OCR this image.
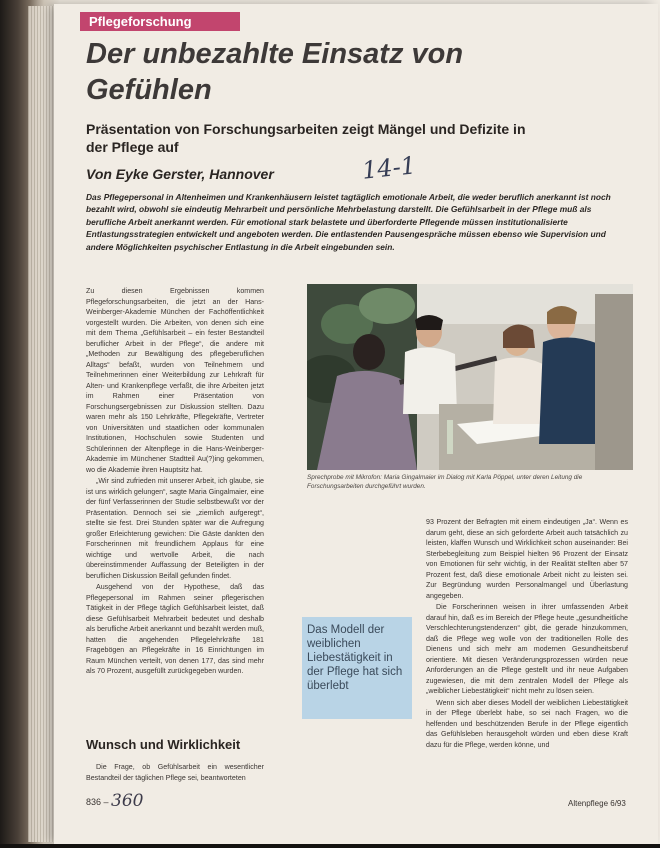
Pflegeforschung
Der unbezahlte Einsatz von Gefühlen
Präsentation von Forschungsarbeiten zeigt Mängel und Defizite in der Pflege auf
Von Eyke Gerster, Hannover	14-1

Das Pflegepersonal in Altenheimen und Krankenhäusern leistet tagtäglich emotionale Arbeit, die weder beruflich anerkannt ist noch bezahlt wird, obwohl sie eindeutig Mehrarbeit und persönliche Mehrbelastung darstellt. Die Gefühlsarbeit in der Pflege muß als berufliche Arbeit anerkannt werden. Für emotional stark belastete und überforderte Pflegende müssen institutionalisierte Entlastungsstrategien entwickelt und angeboten werden. Die entlastenden Pausengespräche müssen ebenso wie Supervision und andere Möglichkeiten psychischer Entlastung in die Arbeit eingebunden sein.

Zu diesen Ergebnissen kommen Pflegeforschungsarbeiten, die jetzt an der Hans-Weinberger-Akademie München der Fachöffentlichkeit vorgestellt wurden. Die Arbeiten, von denen sich eine mit dem Thema „Gefühlsarbeit – ein fester Bestandteil beruflicher Arbeit in der Pflege“, die andere mit „Methoden zur Bewältigung des pflegeberuflichen Alltags“ befaßt, wurden von Teilnehmern und Teilnehmerinnen einer Weiterbildung zur Lehrkraft für Alten- und Krankenpflege verfaßt, die ihre Arbeiten jetzt im Rahmen einer Präsentation von Forschungsergebnissen zur Diskussion stellten. Dazu waren mehr als 150 Lehrkräfte, Pflegekräfte, Vertreter von Universitäten und staatlichen oder kommunalen Institutionen, Hochschulen sowie Studenten und Schülerinnen der Altenpflege in die Hans-Weinberger-Akademie im Münchener Stadtteil Au(?)ing gekommen, wo die Akademie ihren Hauptsitz hat.

„Wir sind zufrieden mit unserer Arbeit, ich glaube, sie ist uns wirklich gelungen“, sagte Maria Gingalmaier, eine der fünf Verfasserinnen der Studie selbstbewußt vor der Präsentation. Dennoch sei sie „ziemlich aufgeregt“, stellte sie fest. Drei Stunden später war die Aufregung großer Erleichterung gewichen: Die Gäste dankten den Forscherinnen mit freundlichem Applaus für eine wichtige und wertvolle Arbeit, die nach übereinstimmender Auffassung der Beteiligten in der beruflichen Diskussion Beifall gefunden findet.

Ausgehend von der Hypothese, daß das Pflegepersonal im Rahmen seiner pflegerischen Tätigkeit in der Pflege täglich Gefühlsarbeit leistet, daß diese Gefühlsarbeit Mehrarbeit bedeutet und deshalb als berufliche Arbeit anerkannt und bezahlt werden muß, hatten die angehenden Pflegelehrkräfte 181 Fragebögen an Pflegekräfte in 16 Einrichtungen im Raum München verteilt, von denen 177, das sind mehr als 70 Prozent, ausgefüllt zurückgegeben wurden.

Wunsch und Wirklichkeit

Die Frage, ob Gefühlsarbeit ein wesentlicher Bestandteil der täglichen Pflege sei, beantworteten

Sprechprobe mit Mikrofon: Maria Gingalmaier im Dialog mit Karla Pöppel, unter deren Leitung die Forschungsarbeiten durchgeführt wurden.

Das Modell der weiblichen Liebestätigkeit in der Pflege hat sich überlebt

93 Prozent der Befragten mit einem eindeutigen „Ja“. Wenn es darum geht, diese an sich geforderte Arbeit auch tatsächlich zu leisten, klaffen Wunsch und Wirklichkeit schon auseinander: Bei Sterbebegleitung zum Beispiel hielten 96 Prozent der Einsatz von Emotionen für sehr wichtig, in der Realität stellten aber 57 Prozent fest, daß diese emotionale Arbeit nicht zu leisten sei. Zur Begründung wurden Personalmangel und Überlastung angegeben.

Die Forscherinnen weisen in ihrer umfassenden Arbeit darauf hin, daß es im Bereich der Pflege heute „gesundheitliche Verschlechterungstendenzen“ gibt, die gerade hinzukommen, daß die Pflege weg wolle von der traditionellen Rolle des Dienens und sich mehr am modernen Gesundheitsberuf orientiere. Mit diesen Veränderungsprozessen würden neue Anforderungen an die Pflege gestellt und ihr neue Aufgaben zugewiesen, die mit dem zentralen Modell der Pflege als „weiblicher Liebestätigkeit“ nicht mehr zu lösen seien.

Wenn sich aber dieses Modell der weiblichen Liebestätigkeit in der Pflege überlebt habe, so sei nach Fragen, wo die helfenden und beschützenden Berufe in der Pflege eigentlich das Gefühlsleben herausgeholt würden und eben diese Kraft dazu für die Pflege, werden könne, und

836 – 360	Altenpflege 6/93
